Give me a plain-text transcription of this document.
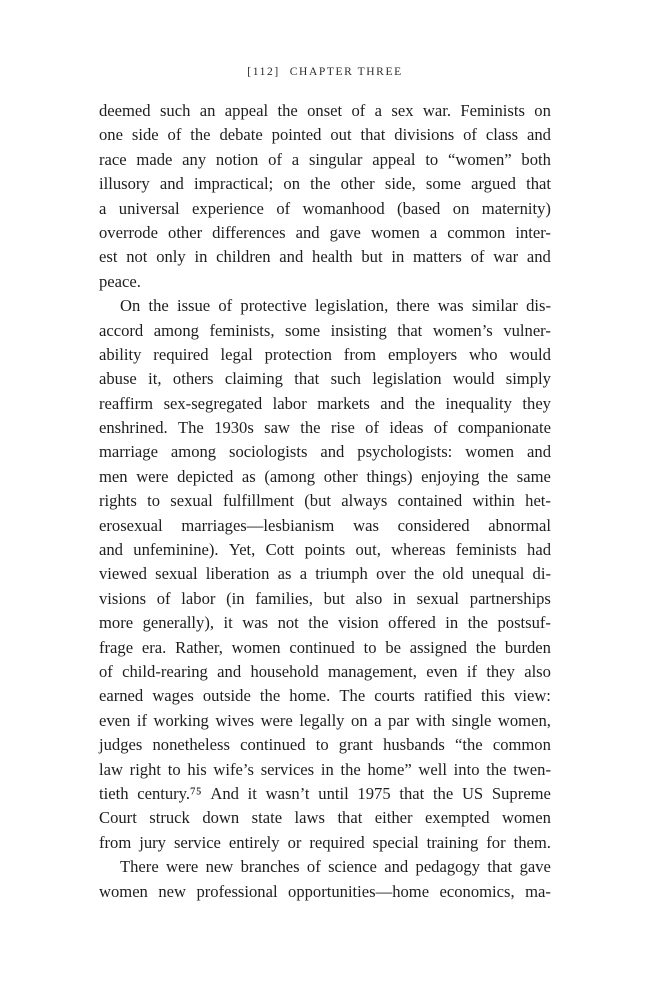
[112] CHAPTER THREE
deemed such an appeal the onset of a sex war. Feminists on
one side of the debate pointed out that divisions of class and
race made any notion of a singular appeal to “women” both
illusory and impractical; on the other side, some argued that
a universal experience of womanhood (based on maternity)
overrode other differences and gave women a common inter-
est not only in children and health but in matters of war and
peace.

On the issue of protective legislation, there was similar dis-
accord among feminists, some insisting that women’s vulner-
ability required legal protection from employers who would
abuse it, others claiming that such legislation would simply
reaffirm sex-segregated labor markets and the inequality they
enshrined. The 1930s saw the rise of ideas of companionate
marriage among sociologists and psychologists: women and
men were depicted as (among other things) enjoying the same
rights to sexual fulfillment (but always contained within het-
erosexual marriages—lesbianism was considered abnormal
and unfeminine). Yet, Cott points out, whereas feminists had
viewed sexual liberation as a triumph over the old unequal di-
visions of labor (in families, but also in sexual partnerships
more generally), it was not the vision offered in the postsuf-
frage era. Rather, women continued to be assigned the burden
of child-rearing and household management, even if they also
earned wages outside the home. The courts ratified this view:
even if working wives were legally on a par with single women,
judges nonetheless continued to grant husbands “the common
law right to his wife’s services in the home” well into the twen-
tieth century.⁷⁵ And it wasn’t until 1975 that the US Supreme
Court struck down state laws that either exempted women
from jury service entirely or required special training for them.
There were new branches of science and pedagogy that gave
women new professional opportunities—home economics, ma-
